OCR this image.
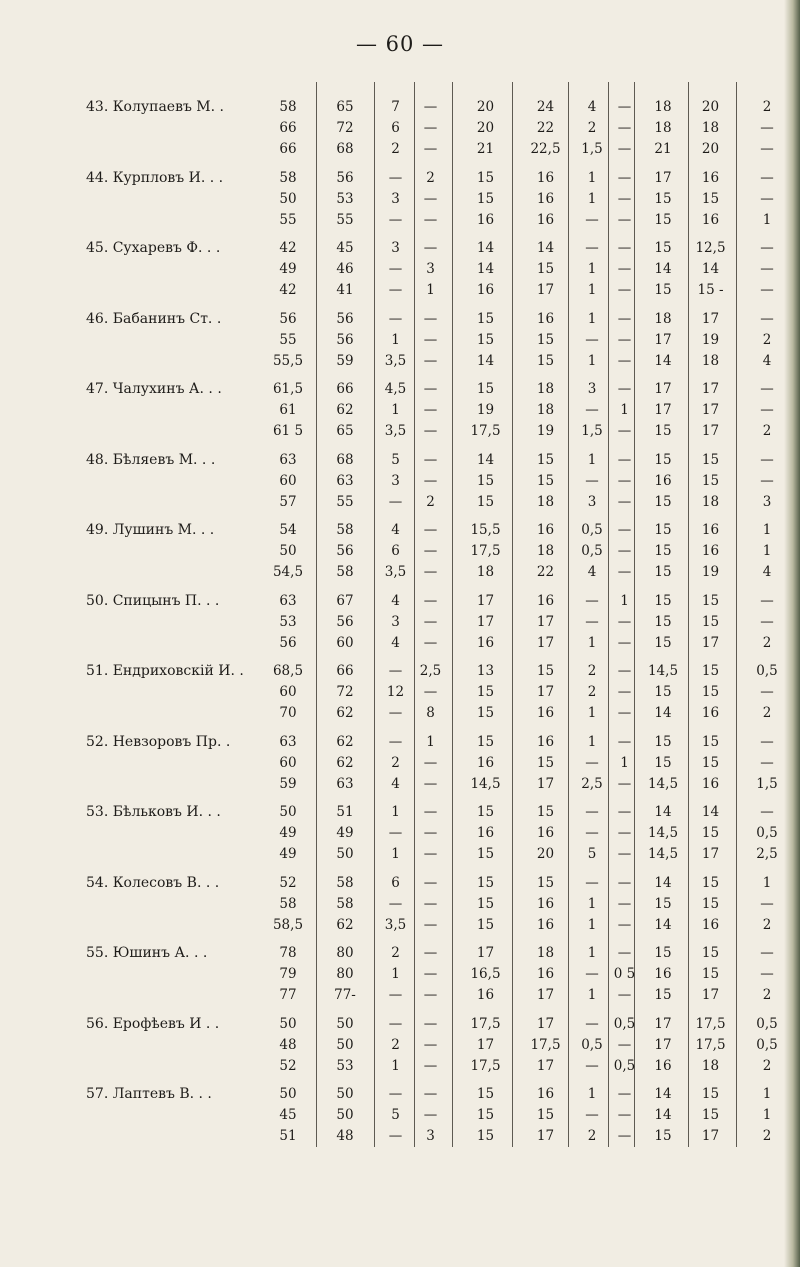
— 60 —
43. Колупаевъ М. .	58	65	7	—	20	24	4	—	18	20	2
66	72	6	—	20	22	2	—	18	18	—
66	68	2	—	21	22,5	1,5	—	21	20	—
44. Курпловъ И. . .	58	56	—	2	15	16	1	—	17	16	—
50	53	3	—	15	16	1	—	15	15	—
55	55	—	—	16	16	—	—	15	16	1
45. Сухаревъ Ф. . .	42	45	3	—	14	14	—	—	15	12,5	—
49	46	—	3	14	15	1	—	14	14	—
42	41	—	1	16	17	1	—	15	15 -	—
46. Бабанинъ Ст. .	56	56	—	—	15	16	1	—	18	17	—
55	56	1	—	15	15	—	—	17	19	2
55,5	59	3,5	—	14	15	1	—	14	18	4
47. Чалухинъ А. . .	61,5	66	4,5	—	15	18	3	—	17	17	—
61	62	1	—	19	18	—	1	17	17	—
61 5	65	3,5	—	17,5	19	1,5	—	15	17	2
48. Бѣляевъ М. . .	63	68	5	—	14	15	1	—	15	15	—
60	63	3	—	15	15	—	—	16	15	—
57	55	—	2	15	18	3	—	15	18	3
49. Лушинъ М. . .	54	58	4	—	15,5	16	0,5	—	15	16	1
50	56	6	—	17,5	18	0,5	—	15	16	1
54,5	58	3,5	—	18	22	4	—	15	19	4
50. Спицынъ П. . .	63	67	4	—	17	16	—	1	15	15	—
53	56	3	—	17	17	—	—	15	15	—
56	60	4	—	16	17	1	—	15	17	2
51. Ендриховскій И. .	68,5	66	—	2,5	13	15	2	—	14,5	15	0,5
60	72	12	—	15	17	2	—	15	15	—
70	62	—	8	15	16	1	—	14	16	2
52. Невзоровъ Пр. .	63	62	—	1	15	16	1	—	15	15	—
60	62	2	—	16	15	—	1	15	15	—
59	63	4	—	14,5	17	2,5	—	14,5	16	1,5
53. Бѣльковъ И. . .	50	51	1	—	15	15	—	—	14	14	—
49	49	—	—	16	16	—	—	14,5	15	0,5
49	50	1	—	15	20	5	—	14,5	17	2,5
54. Колесовъ В. . .	52	58	6	—	15	15	—	—	14	15	1
58	58	—	—	15	16	1	—	15	15	—
58,5	62	3,5	—	15	16	1	—	14	16	2
55. Юшинъ А. . .	78	80	2	—	17	18	1	—	15	15	—
79	80	1	—	16,5	16	—	0 5	16	15	—
77	77-	—	—	16	17	1	—	15	17	2
56. Ерофѣевъ И . .	50	50	—	—	17,5	17	—	0,5	17	17,5	0,5
48	50	2	—	17	17,5	0,5	—	17	17,5	0,5
52	53	1	—	17,5	17	—	0,5	16	18	2
57. Лаптевъ В. . .	50	50	—	—	15	16	1	—	14	15	1
45	50	5	—	15	15	—	—	14	15	1
51	48	—	3	15	17	2	—	15	17	2
